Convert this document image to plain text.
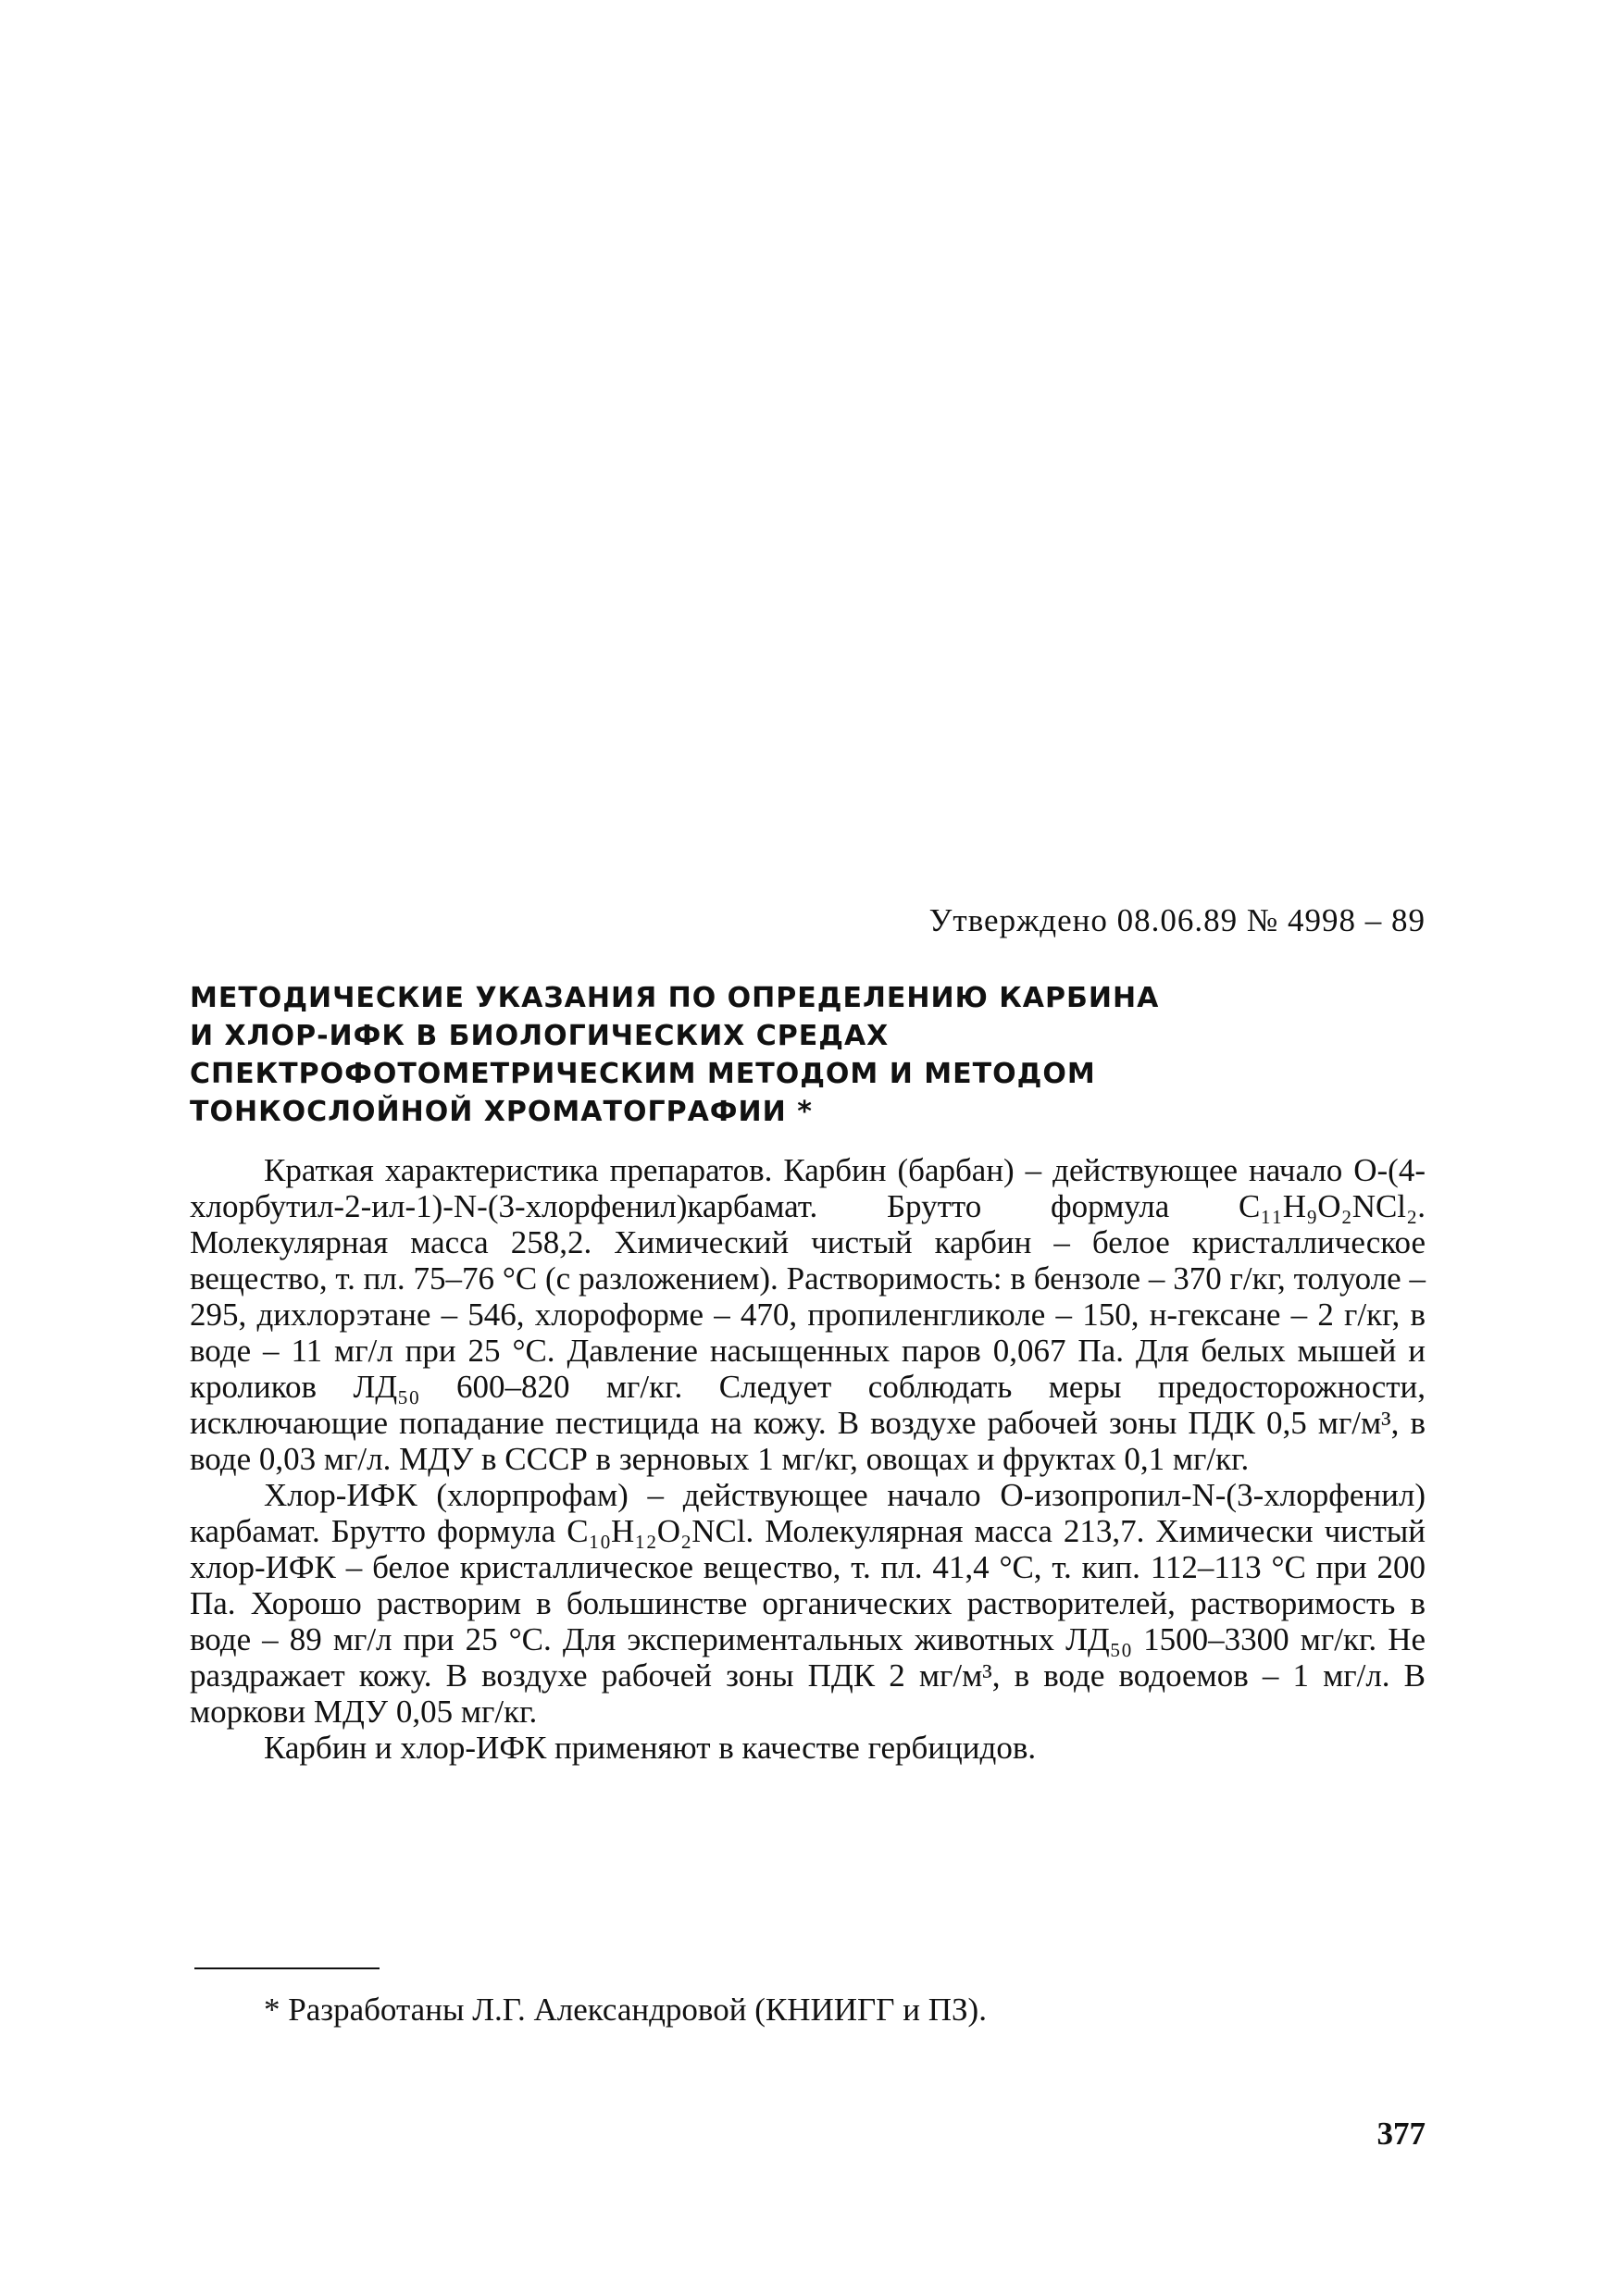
Утверждено 08.06.89 № 4998 – 89
МЕТОДИЧЕСКИЕ УКАЗАНИЯ ПО ОПРЕДЕЛЕНИЮ КАРБИНА
И ХЛОР-ИФК В БИОЛОГИЧЕСКИХ СРЕДАХ
СПЕКТРОФОТОМЕТРИЧЕСКИМ МЕТОДОМ И МЕТОДОМ
ТОНКОСЛОЙНОЙ ХРОМАТОГРАФИИ *

Краткая характеристика препаратов. Карбин (барбан) – действующее начало О-(4-хлорбутил-2-ил-1)-N-(3-хлорфенил)карбамат. Брутто формула C₁₁H₉O₂NCl₂. Молекулярная масса 258,2. Химический чистый карбин – белое кристаллическое вещество, т. пл. 75–76 °С (с разложением). Растворимость: в бензоле – 370 г/кг, толуоле – 295, дихлорэтане – 546, хлороформе – 470, пропиленгликоле – 150, н-гексане – 2 г/кг, в воде – 11 мг/л при 25 °С. Давление насыщенных паров 0,067 Па. Для белых мышей и кроликов ЛД₅₀ 600–820 мг/кг. Следует соблюдать меры предосторожности, исключающие попадание пестицида на кожу. В воздухе рабочей зоны ПДК 0,5 мг/м³, в воде 0,03 мг/л. МДУ в СССР в зерновых 1 мг/кг, овощах и фруктах 0,1 мг/кг.

Хлор-ИФК (хлорпрофам) – действующее начало О-изопропил-N-(3-хлорфенил) карбамат. Брутто формула C₁₀H₁₂O₂NCl. Молекулярная масса 213,7. Химически чистый хлор-ИФК – белое кристаллическое вещество, т. пл. 41,4 °С, т. кип. 112–113 °С при 200 Па. Хорошо растворим в большинстве органических растворителей, растворимость в воде – 89 мг/л при 25 °С. Для экспериментальных животных ЛД₅₀ 1500–3300 мг/кг. Не раздражает кожу. В воздухе рабочей зоны ПДК 2 мг/м³, в воде водоемов – 1 мг/л. В моркови МДУ 0,05 мг/кг.

Карбин и хлор-ИФК применяют в качестве гербицидов.

* Разработаны Л.Г. Александровой (КНИИГГ и ПЗ).
377
